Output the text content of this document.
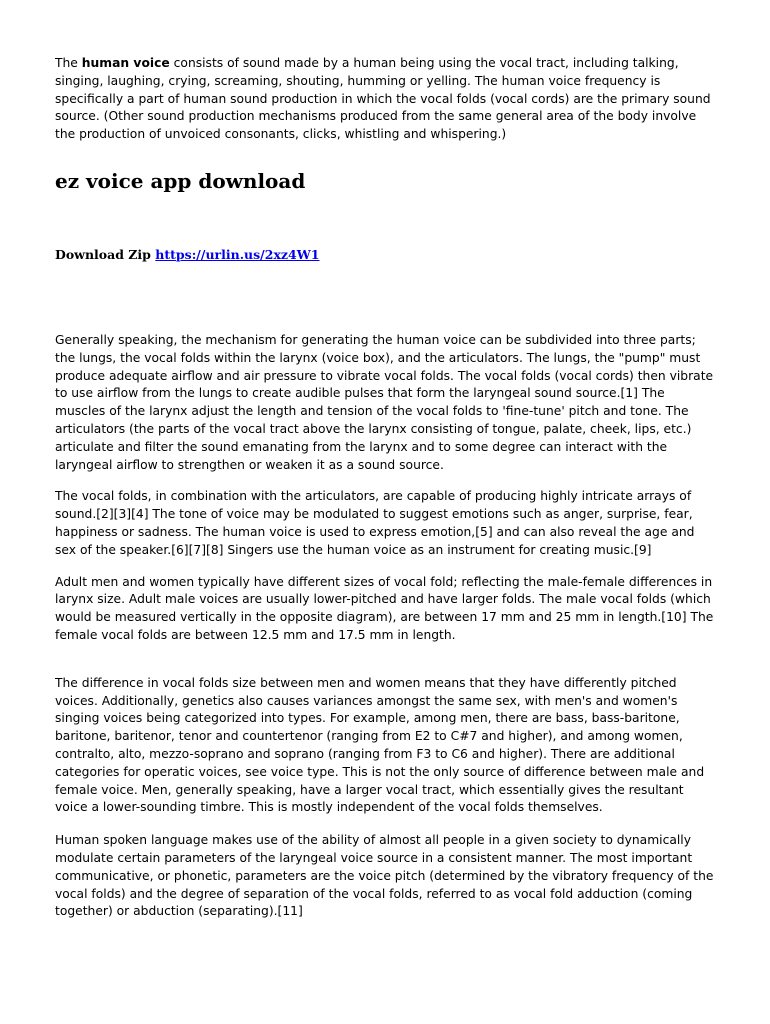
The human voice consists of sound made by a human being using the vocal tract, including talking, singing, laughing, crying, screaming, shouting, humming or yelling. The human voice frequency is specifically a part of human sound production in which the vocal folds (vocal cords) are the primary sound source. (Other sound production mechanisms produced from the same general area of the body involve the production of unvoiced consonants, clicks, whistling and whispering.)

ez voice app download
Download Zip https://urlin.us/2xz4W1

Generally speaking, the mechanism for generating the human voice can be subdivided into three parts; the lungs, the vocal folds within the larynx (voice box), and the articulators. The lungs, the "pump" must produce adequate airflow and air pressure to vibrate vocal folds. The vocal folds (vocal cords) then vibrate to use airflow from the lungs to create audible pulses that form the laryngeal sound source.[1] The muscles of the larynx adjust the length and tension of the vocal folds to 'fine-tune' pitch and tone. The articulators (the parts of the vocal tract above the larynx consisting of tongue, palate, cheek, lips, etc.) articulate and filter the sound emanating from the larynx and to some degree can interact with the laryngeal airflow to strengthen or weaken it as a sound source.

The vocal folds, in combination with the articulators, are capable of producing highly intricate arrays of sound.[2][3][4] The tone of voice may be modulated to suggest emotions such as anger, surprise, fear, happiness or sadness. The human voice is used to express emotion,[5] and can also reveal the age and sex of the speaker.[6][7][8] Singers use the human voice as an instrument for creating music.[9]

Adult men and women typically have different sizes of vocal fold; reflecting the male-female differences in larynx size. Adult male voices are usually lower-pitched and have larger folds. The male vocal folds (which would be measured vertically in the opposite diagram), are between 17 mm and 25 mm in length.[10] The female vocal folds are between 12.5 mm and 17.5 mm in length.

The difference in vocal folds size between men and women means that they have differently pitched voices. Additionally, genetics also causes variances amongst the same sex, with men's and women's singing voices being categorized into types. For example, among men, there are bass, bass-baritone, baritone, baritenor, tenor and countertenor (ranging from E2 to C#7 and higher), and among women, contralto, alto, mezzo-soprano and soprano (ranging from F3 to C6 and higher). There are additional categories for operatic voices, see voice type. This is not the only source of difference between male and female voice. Men, generally speaking, have a larger vocal tract, which essentially gives the resultant voice a lower-sounding timbre. This is mostly independent of the vocal folds themselves.

Human spoken language makes use of the ability of almost all people in a given society to dynamically modulate certain parameters of the laryngeal voice source in a consistent manner. The most important communicative, or phonetic, parameters are the voice pitch (determined by the vibratory frequency of the vocal folds) and the degree of separation of the vocal folds, referred to as vocal fold adduction (coming together) or abduction (separating).[11]
